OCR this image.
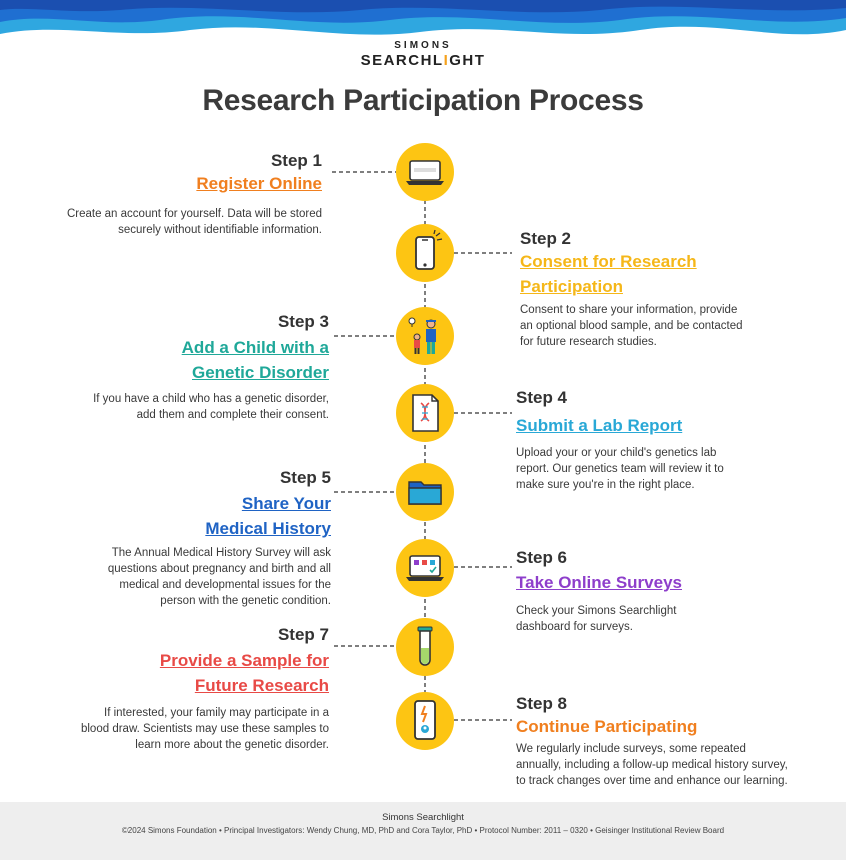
SIMONS
SEARCHLIGHT
Research Participation Process
Step 1
Register Online
Create an account for yourself. Data will be stored
securely without identifiable information.	Step 2
Consent for Research
Participation
Consent to share your information, provide
an optional blood sample, and be contacted
for future research studies.
Step 3
Add a Child with a
Genetic Disorder
If you have a child who has a genetic disorder,
add them and complete their consent.
Step 4
Submit a Lab Report
Upload your or your child's genetics lab
report. Our genetics team will review it to
make sure you're in the right place.
Step 5
Share Your
Medical History
The Annual Medical History Survey will ask
questions about pregnancy and birth and all
medical and developmental issues for the
person with the genetic condition.
Step 6
Take Online Surveys
Check your Simons Searchlight
dashboard for surveys.
Step 7
Provide a Sample for
Future Research
If interested, your family may participate in a
blood draw. Scientists may use these samples to
learn more about the genetic disorder.
Step 8
Continue Participating
We regularly include surveys, some repeated
annually, including a follow-up medical history survey,
to track changes over time and enhance our learning.
Simons Searchlight
©2024 Simons Foundation • Principal Investigators: Wendy Chung, MD, PhD and Cora Taylor, PhD • Protocol Number: 2011 – 0320 • Geisinger Institutional Review Board
